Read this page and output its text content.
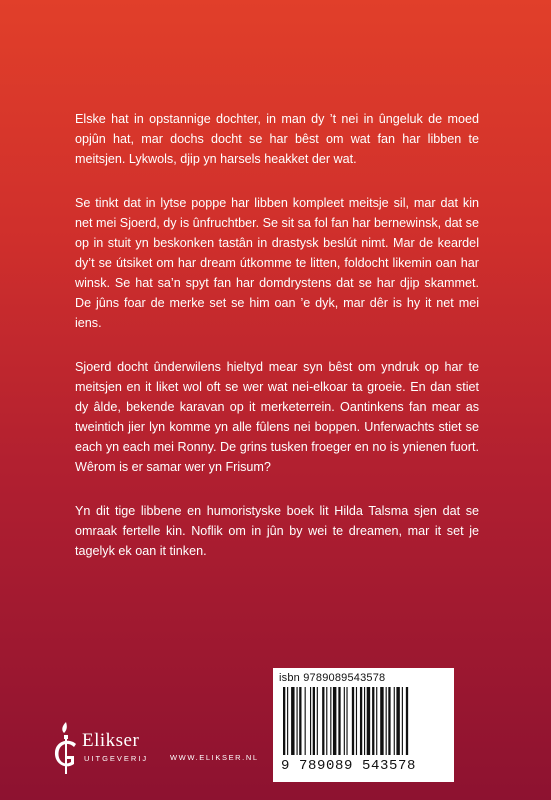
Elske hat in opstannige dochter, in man dy ’t nei in ûngeluk de moed opjûn hat, mar dochs docht se har bêst om wat fan har libben te meitsjen. Lykwols, djip yn harsels heakket der wat.

Se tinkt dat in lytse poppe har libben kompleet meitsje sil, mar dat kin net mei Sjoerd, dy is ûnfruchtber. Se sit sa fol fan har bernewinsk, dat se op in stuit yn beskonken tastân in drastysk beslút nimt. Mar de keardel dy’t se útsiket om har dream útkomme te litten, foldocht likemin oan har winsk. Se hat sa’n spyt fan har domdrystens dat se har djip skammet. De jûns foar de merke set se him oan ’e dyk, mar dêr is hy it net mei iens.

Sjoerd docht ûnderwilens hieltyd mear syn bêst om yndruk op har te meitsjen en it liket wol oft se wer wat nei-elkoar ta groeie. En dan stiet dy âlde, bekende karavan op it merketerrein. Oantinkens fan mear as tweintich jier lyn komme yn alle fûlens nei boppen. Unferwachts stiet se each yn each mei Ronny. De grins tusken froeger en no is ynienen fuort. Wêrom is er samar wer yn Frisum?

Yn dit tige libbene en humoristyske boek lit Hilda Talsma sjen dat se omraak fertelle kin. Noflik om in jûn by wei te dreamen, mar it set je tagelyk ek oan it tinken.

Elikser
UITGEVERIJ	WWW.ELIKSER.NL
isbn 9789089543578
9 789089 543578
